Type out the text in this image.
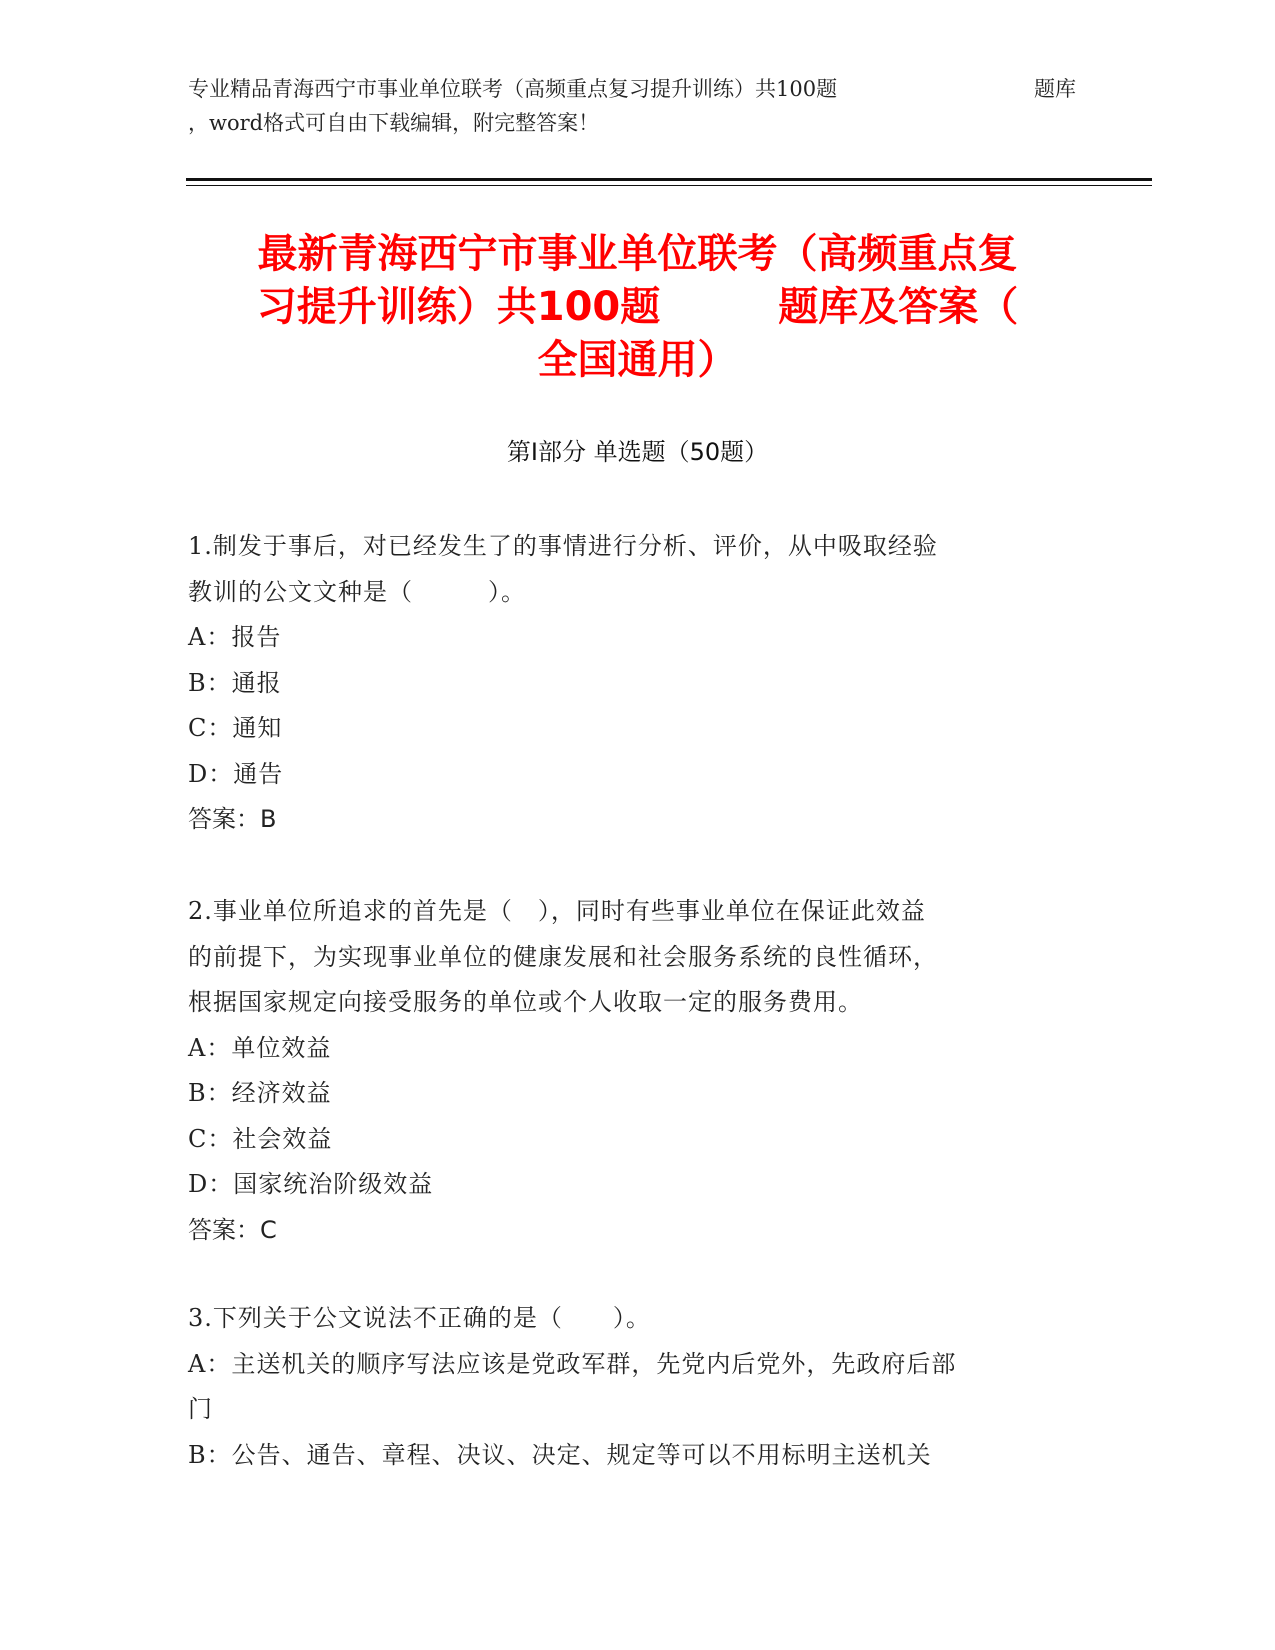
专业精品青海西宁市事业单位联考（高频重点复习提升训练）共100题	题库
，word格式可自由下载编辑，附完整答案！
最新青海西宁市事业单位联考（高频重点复
习提升训练）共100题	题库及答案（
全国通用）
第Ⅰ部分 单选题（50题）

1.制发于事后，对已经发生了的事情进行分析、评价，从中吸取经验

教训的公文文种是（　　　）。

A：报告

B：通报

C：通知

D：通告

答案：B

2.事业单位所追求的首先是（　），同时有些事业单位在保证此效益

的前提下，为实现事业单位的健康发展和社会服务系统的良性循环，

根据国家规定向接受服务的单位或个人收取一定的服务费用。

A：单位效益

B：经济效益

C：社会效益

D：国家统治阶级效益

答案：C

3.下列关于公文说法不正确的是（　　）。

A：主送机关的顺序写法应该是党政军群，先党内后党外，先政府后部

门

B：公告、通告、章程、决议、决定、规定等可以不用标明主送机关
